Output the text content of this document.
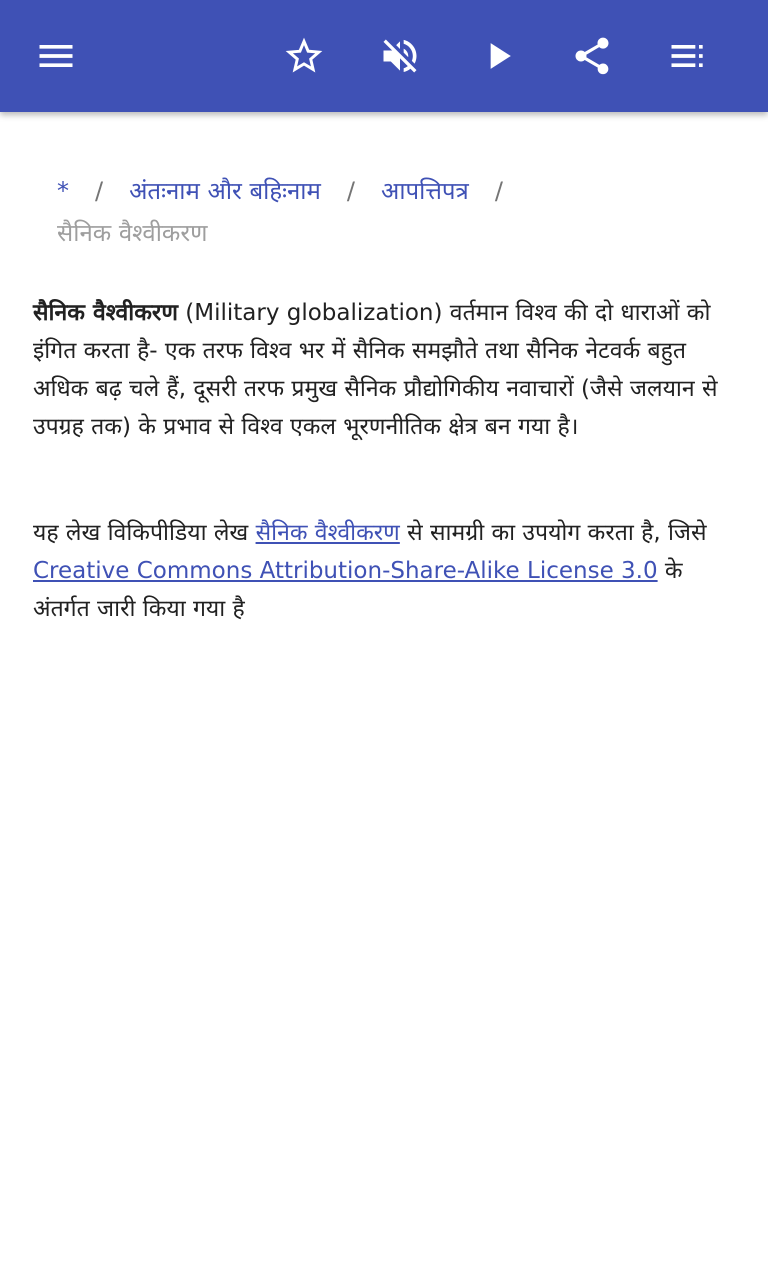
* / अंतःनाम और बहिःनाम / आपत्तिपत्र /
सैनिक वैश्वीकरण

सैनिक वैश्वीकरण (Military globalization) वर्तमान विश्व की दो धाराओं को इंगित करता है- एक तरफ विश्व भर में सैनिक समझौते तथा सैनिक नेटवर्क बहुत अधिक बढ़ चले हैं, दूसरी तरफ प्रमुख सैनिक प्रौद्योगिकीय नवाचारों (जैसे जलयान से उपग्रह तक) के प्रभाव से विश्व एकल भूरणनीतिक क्षेत्र बन गया है।

यह लेख विकिपीडिया लेख सैनिक वैश्वीकरण से सामग्री का उपयोग करता है, जिसे Creative Commons Attribution-Share-Alike License 3.0 के अंतर्गत जारी किया गया है
